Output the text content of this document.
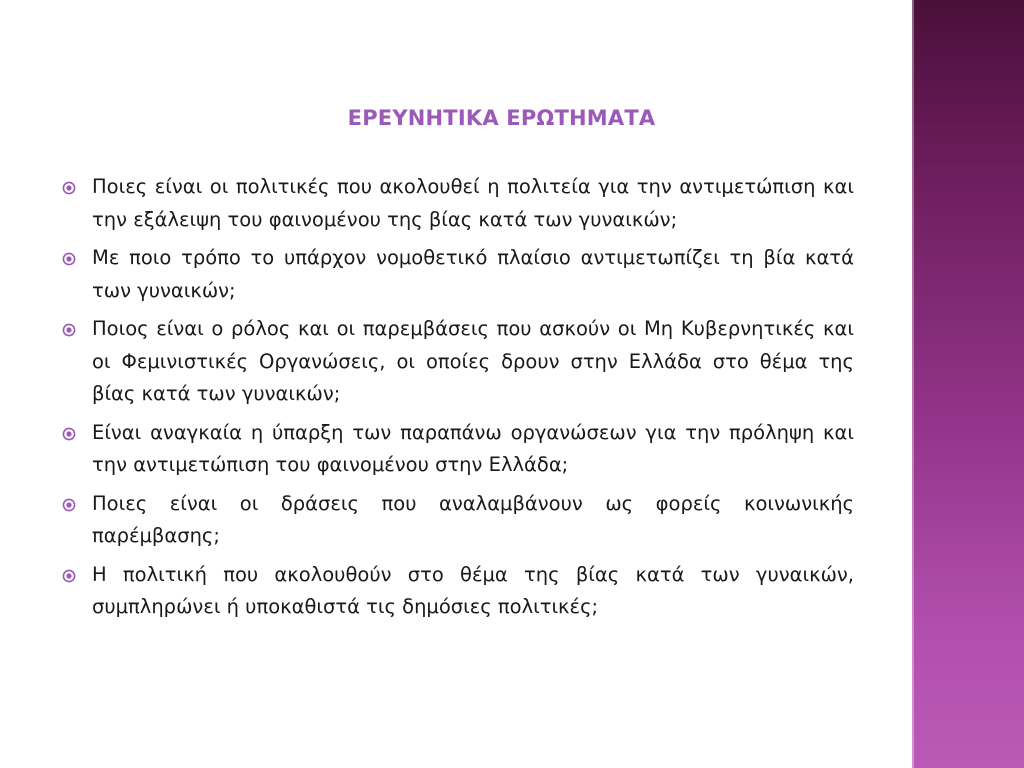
ΕΡΕΥΝΗΤΙΚΑ ΕΡΩΤΗΜΑΤΑ
Ποιες είναι οι πολιτικές που ακολουθεί η πολιτεία για την αντιμετώπιση και την εξάλειψη του φαινομένου της βίας κατά των γυναικών;
Με ποιο τρόπο το υπάρχον νομοθετικό πλαίσιο αντιμετωπίζει τη βία κατά των γυναικών;
Ποιος είναι ο ρόλος και οι παρεμβάσεις που ασκούν οι Μη Κυβερνητικές και οι Φεμινιστικές Οργανώσεις, οι οποίες δρουν στην Ελλάδα στο θέμα της βίας κατά των γυναικών;
Είναι αναγκαία η ύπαρξη των παραπάνω οργανώσεων για την πρόληψη και την αντιμετώπιση του φαινομένου στην Ελλάδα;
Ποιες είναι οι δράσεις που αναλαμβάνουν ως φορείς κοινωνικής παρέμβασης;
Η πολιτική που ακολουθούν στο θέμα της βίας κατά των γυναικών, συμπληρώνει ή υποκαθιστά τις δημόσιες πολιτικές;
